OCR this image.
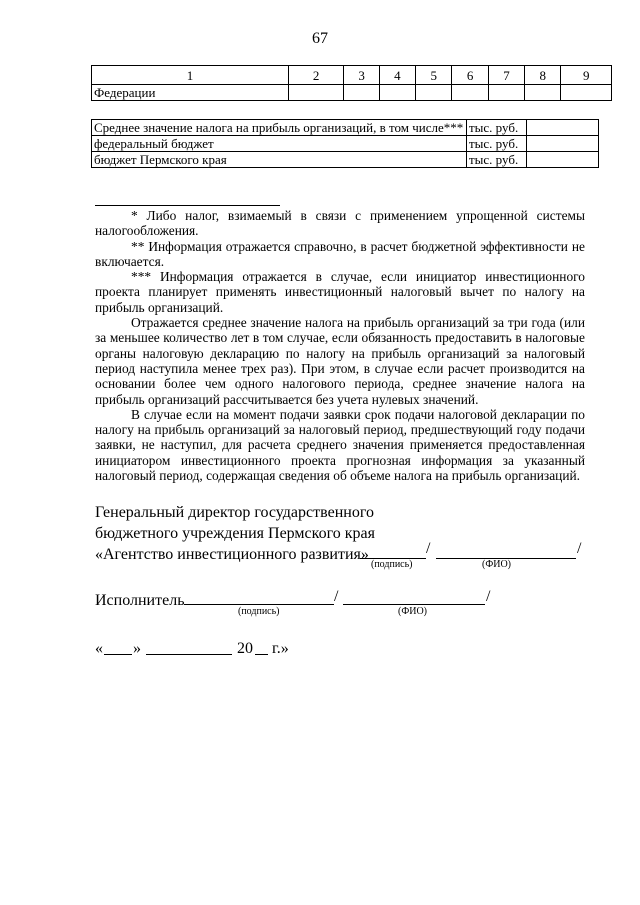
67
1	2	3	4	5	6	7	8	9
Федерации								
Среднее значение налога на прибыль организаций, в том числе***	тыс. руб.	
федеральный бюджет	тыс. руб.	
бюджет Пермского края	тыс. руб.	

* Либо налог, взимаемый в связи с применением упрощенной системы налогообложения.

** Информация отражается справочно, в расчет бюджетной эффективности не включается.

*** Информация отражается в случае, если инициатор инвестиционного проекта планирует применять инвестиционный налоговый вычет по налогу на прибыль организаций.

Отражается среднее значение налога на прибыль организаций за три года (или за меньшее количество лет в том случае, если обязанность предоставить в налоговые органы налоговую декларацию по налогу на прибыль организаций за налоговый период наступила менее трех раз). При этом, в случае если расчет производится на основании более чем одного налогового периода, среднее значение налога на прибыль организаций рассчитывается без учета нулевых значений.

В случае если на момент подачи заявки срок подачи налоговой декларации по налогу на прибыль организаций за налоговый период, предшествующий году подачи заявки, не наступил, для расчета среднего значения применяется предоставленная инициатором инвестиционного проекта прогнозная информация за указанный налоговый период, содержащая сведения об объеме налога на прибыль организаций.

Генеральный директор государственного
бюджетного учреждения Пермского края
«Агентство инвестиционного развития»	/	/
(подпись)	(ФИО)
Исполнитель	/	/
(подпись)	(ФИО)
« »	20 г.»
